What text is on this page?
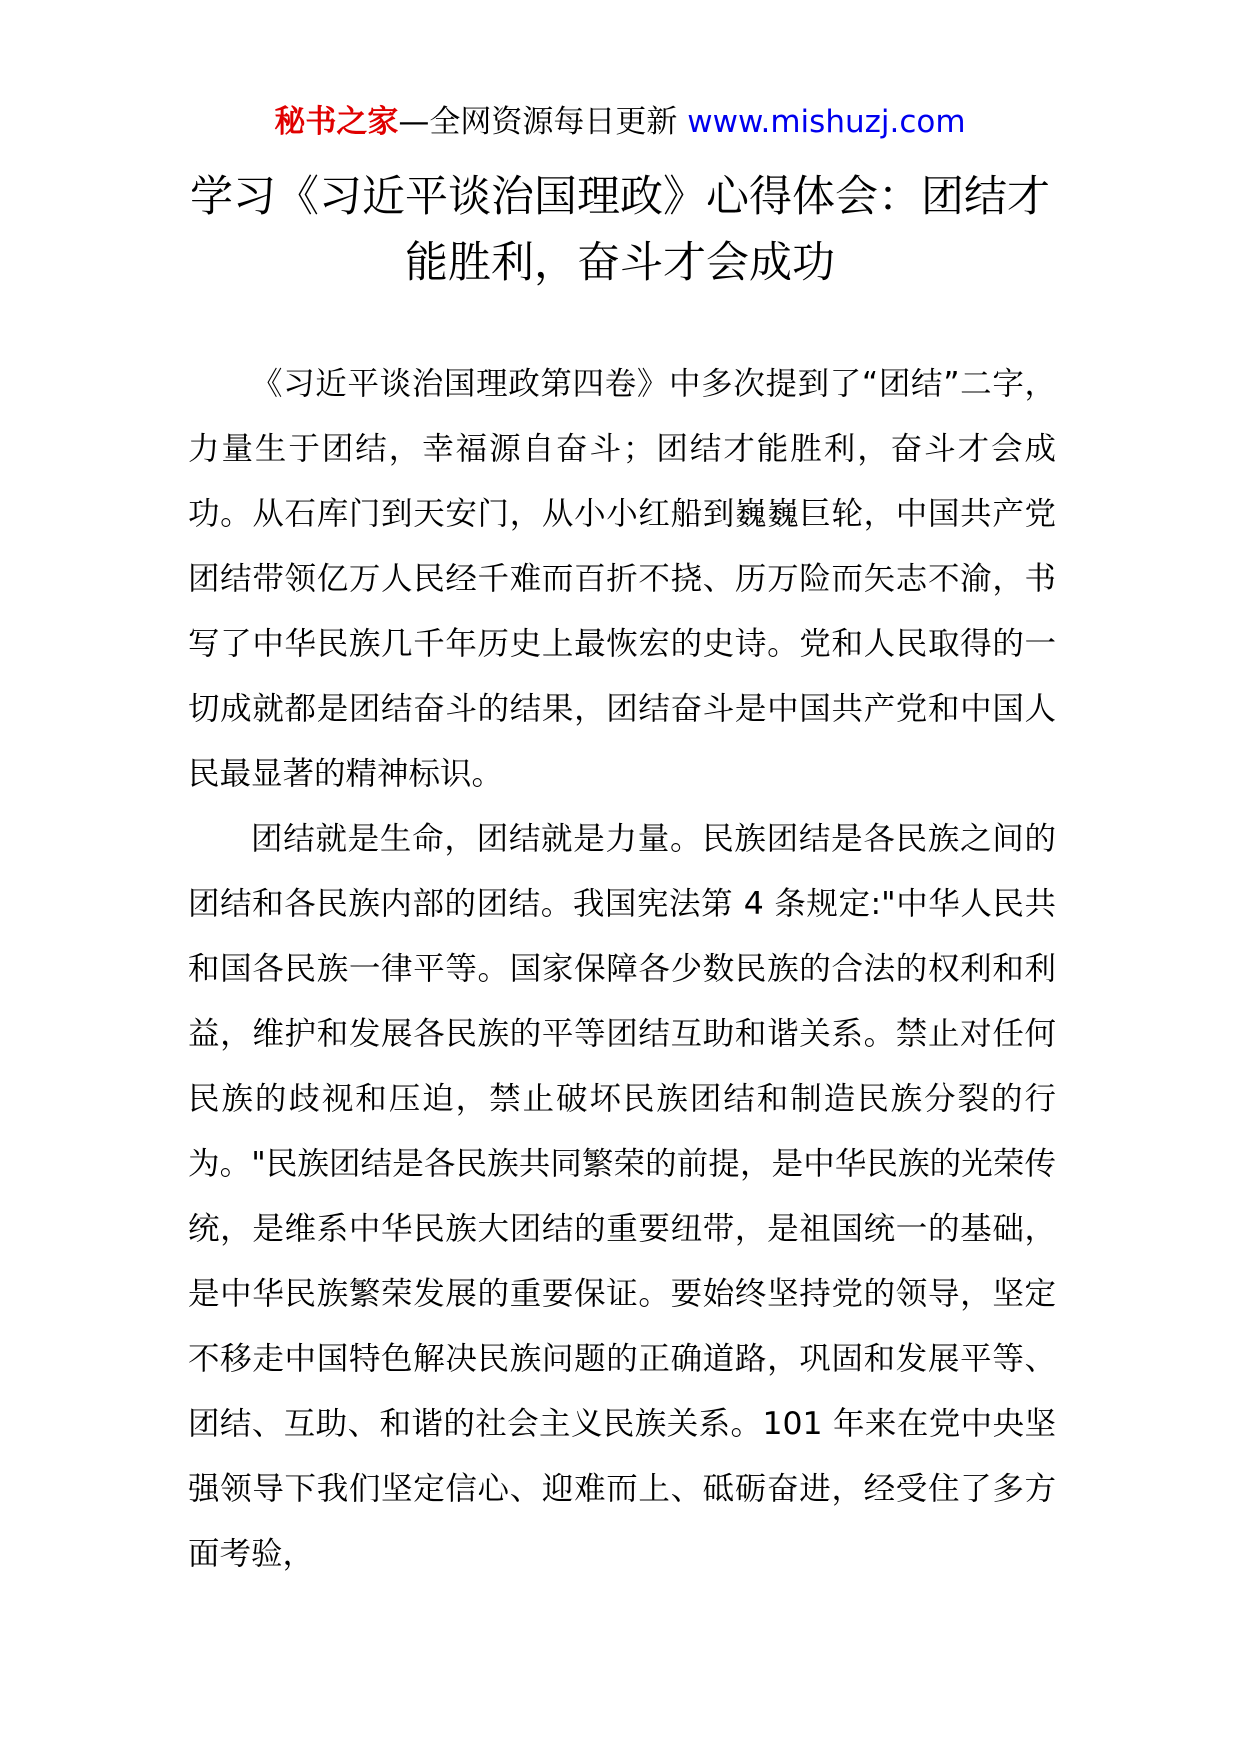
秘书之家—全网资源每日更新 www.mishuzj.com
学习《习近平谈治国理政》心得体会：团结才能胜利，奋斗才会成功

《习近平谈治国理政第四卷》中多次提到了“团结”二字，力量生于团结，幸福源自奋斗；团结才能胜利，奋斗才会成功。从石库门到天安门，从小小红船到巍巍巨轮，中国共产党团结带领亿万人民经千难而百折不挠、历万险而矢志不渝，书写了中华民族几千年历史上最恢宏的史诗。党和人民取得的一切成就都是团结奋斗的结果，团结奋斗是中国共产党和中国人民最显著的精神标识。

团结就是生命，团结就是力量。民族团结是各民族之间的团结和各民族内部的团结。我国宪法第 4 条规定:"中华人民共和国各民族一律平等。国家保障各少数民族的合法的权利和利益，维护和发展各民族的平等团结互助和谐关系。禁止对任何民族的歧视和压迫，禁止破坏民族团结和制造民族分裂的行为。"民族团结是各民族共同繁荣的前提，是中华民族的光荣传统，是维系中华民族大团结的重要纽带，是祖国统一的基础，是中华民族繁荣发展的重要保证。要始终坚持党的领导，坚定不移走中国特色解决民族问题的正确道路，巩固和发展平等、团结、互助、和谐的社会主义民族关系。101 年来在党中央坚强领导下我们坚定信心、迎难而上、砥砺奋进，经受住了多方面考验，
